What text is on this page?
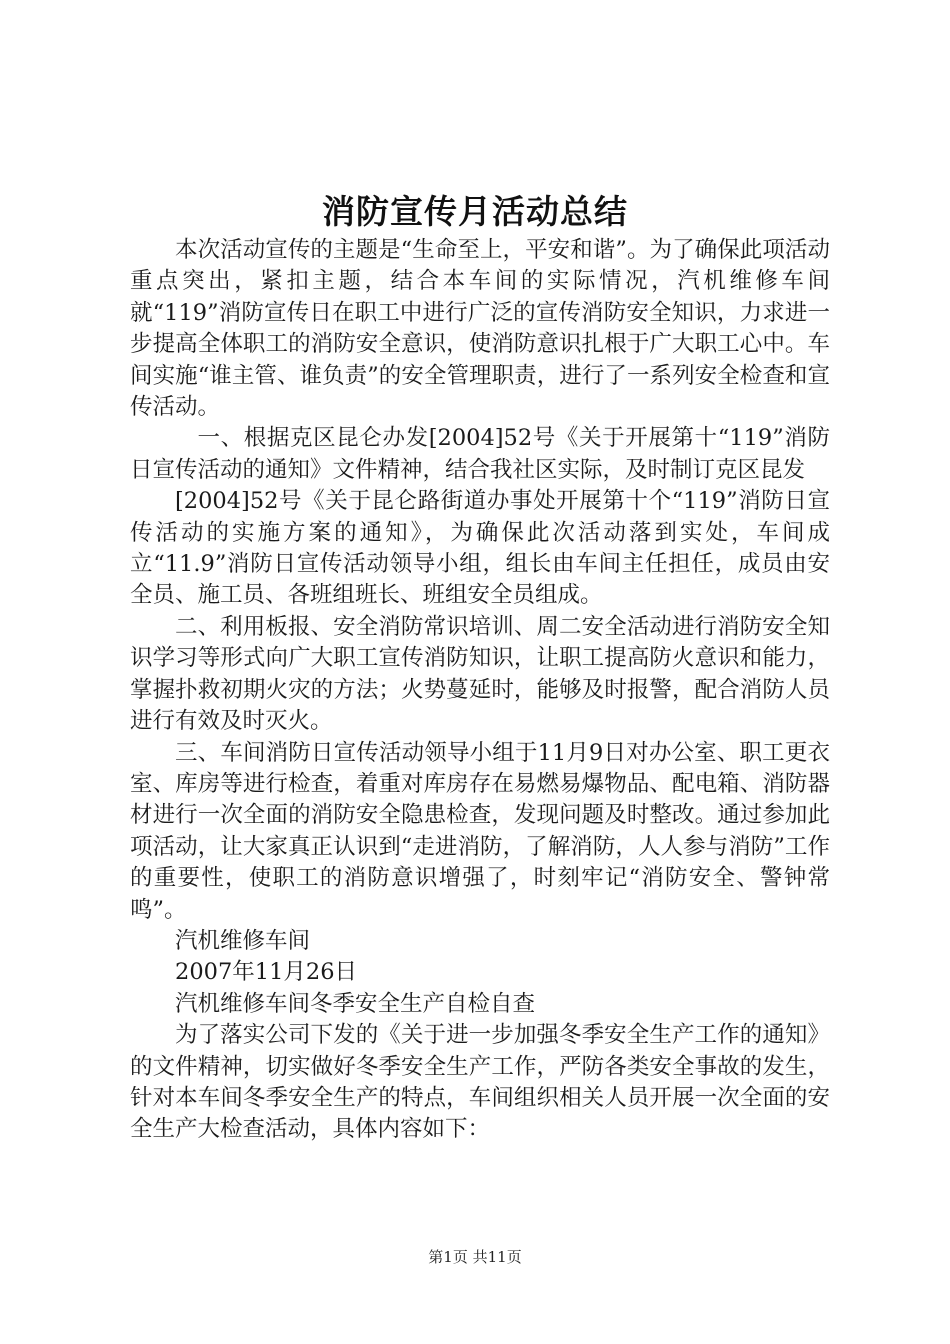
消防宣传月活动总结

本次活动宣传的主题是“生命至上，平安和谐”。为了确保此项活动重点突出，紧扣主题，结合本车间的实际情况，汽机维修车间就“119”消防宣传日在职工中进行广泛的宣传消防安全知识，力求进一步提高全体职工的消防安全意识，使消防意识扎根于广大职工心中。车间实施“谁主管、谁负责”的安全管理职责，进行了一系列安全检查和宣传活动。

一、根据克区昆仑办发[2004]52号《关于开展第十“119”消防日宣传活动的通知》文件精神，结合我社区实际，及时制订克区昆发

[2004]52号《关于昆仑路街道办事处开展第十个“119”消防日宣传活动的实施方案的通知》，为确保此次活动落到实处，车间成立“11.9”消防日宣传活动领导小组，组长由车间主任担任，成员由安全员、施工员、各班组班长、班组安全员组成。

二、利用板报、安全消防常识培训、周二安全活动进行消防安全知识学习等形式向广大职工宣传消防知识，让职工提高防火意识和能力，掌握扑救初期火灾的方法；火势蔓延时，能够及时报警，配合消防人员进行有效及时灭火。

三、车间消防日宣传活动领导小组于11月9日对办公室、职工更衣室、库房等进行检查，着重对库房存在易燃易爆物品、配电箱、消防器材进行一次全面的消防安全隐患检查，发现问题及时整改。通过参加此项活动，让大家真正认识到“走进消防，了解消防，人人参与消防”工作的重要性，使职工的消防意识增强了，时刻牢记“消防安全、警钟常鸣”。

汽机维修车间

2007年11月26日

汽机维修车间冬季安全生产自检自查

为了落实公司下发的《关于进一步加强冬季安全生产工作的通知》的文件精神，切实做好冬季安全生产工作，严防各类安全事故的发生，针对本车间冬季安全生产的特点，车间组织相关人员开展一次全面的安全生产大检查活动，具体内容如下：

第1页 共11页
